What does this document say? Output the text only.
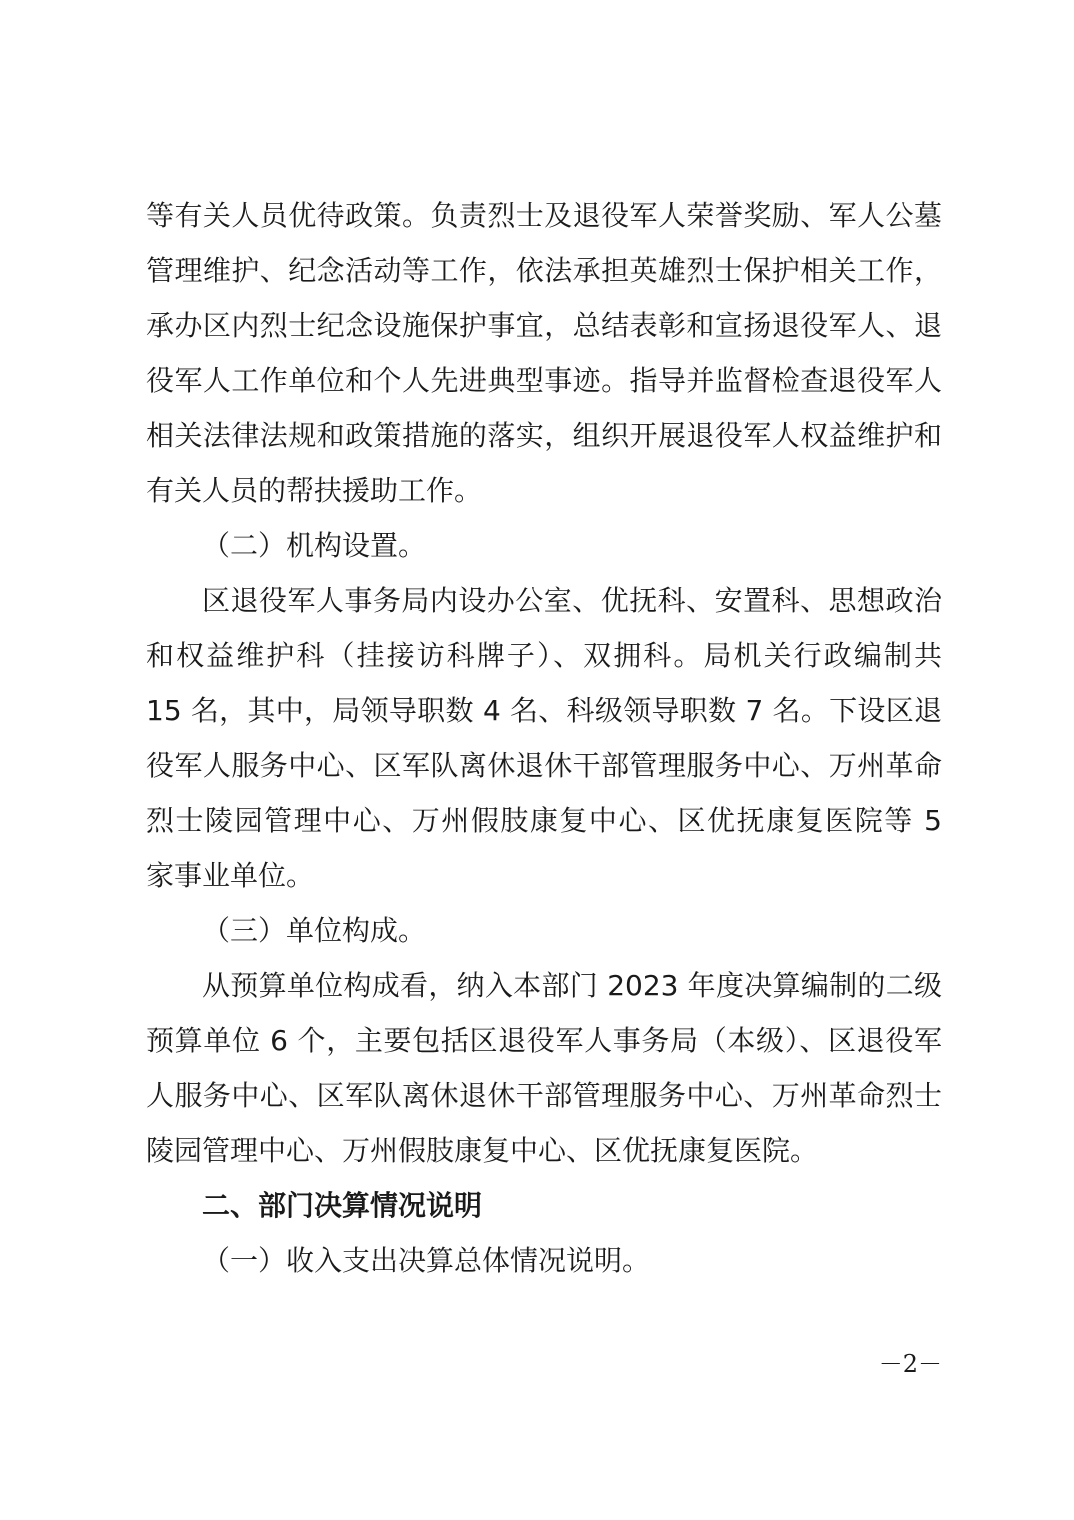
等有关人员优待政策。负责烈士及退役军人荣誉奖励、军人公墓
管理维护、纪念活动等工作，依法承担英雄烈士保护相关工作，
承办区内烈士纪念设施保护事宜，总结表彰和宣扬退役军人、退
役军人工作单位和个人先进典型事迹。指导并监督检查退役军人
相关法律法规和政策措施的落实，组织开展退役军人权益维护和
有关人员的帮扶援助工作。
（二）机构设置。
区退役军人事务局内设办公室、优抚科、安置科、思想政治
和权益维护科（挂接访科牌子）、双拥科。局机关行政编制共
15 名，其中，局领导职数 4 名、科级领导职数 7 名。下设区退
役军人服务中心、区军队离休退休干部管理服务中心、万州革命
烈士陵园管理中心、万州假肢康复中心、区优抚康复医院等 5
家事业单位。
（三）单位构成。
从预算单位构成看，纳入本部门 2023 年度决算编制的二级
预算单位 6 个，主要包括区退役军人事务局（本级）、区退役军
人服务中心、区军队离休退休干部管理服务中心、万州革命烈士
陵园管理中心、万州假肢康复中心、区优抚康复医院。
二、部门决算情况说明
（一）收入支出决算总体情况说明。
－2－
